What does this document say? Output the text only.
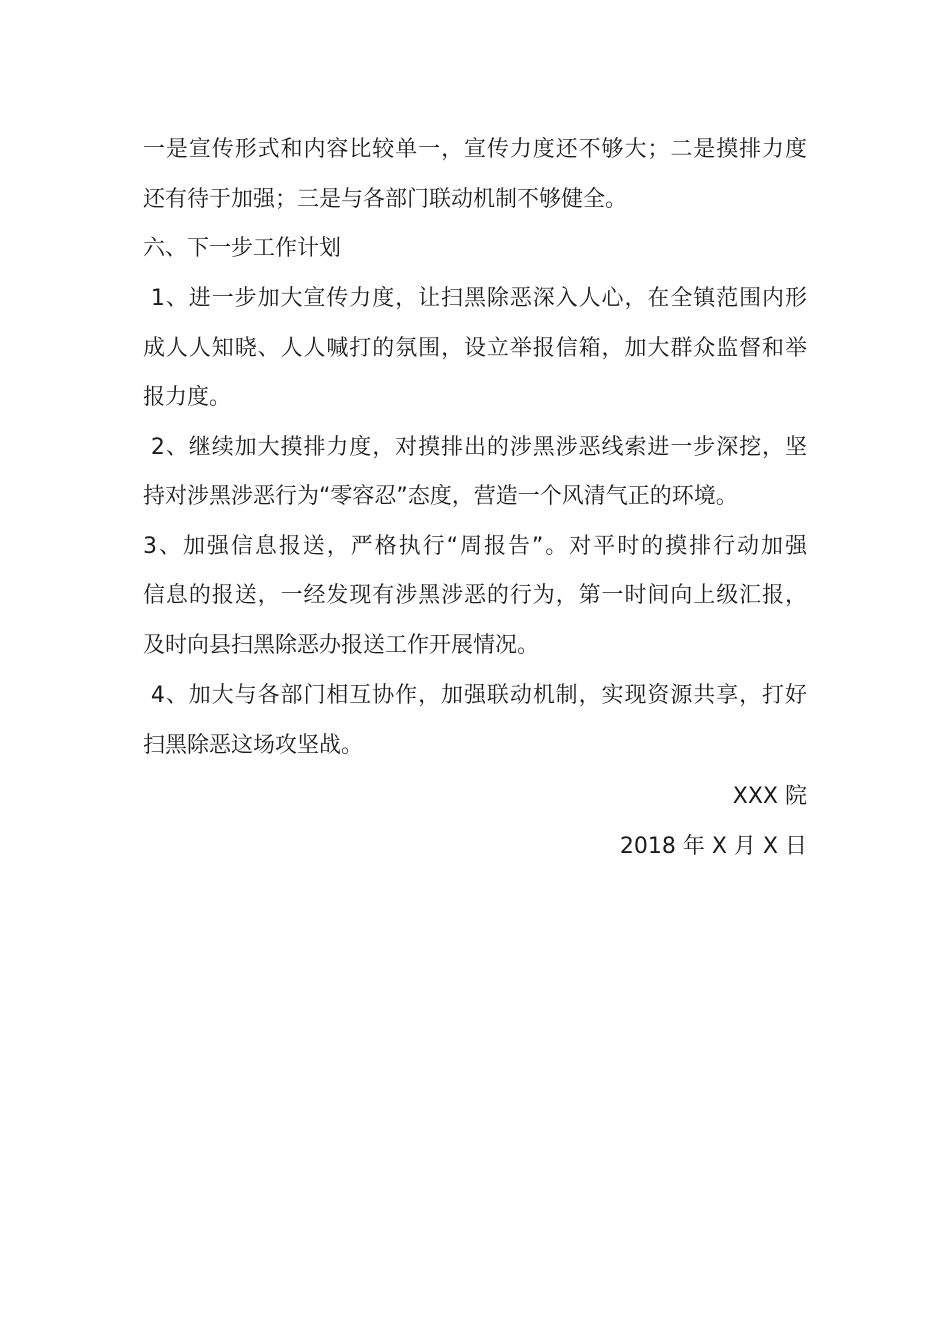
一是宣传形式和内容比较单一，宣传力度还不够大；二是摸排力度
还有待于加强；三是与各部门联动机制不够健全。
六、下一步工作计划
1、进一步加大宣传力度，让扫黑除恶深入人心，在全镇范围内形
成人人知晓、人人喊打的氛围，设立举报信箱，加大群众监督和举
报力度。
2、继续加大摸排力度，对摸排出的涉黑涉恶线索进一步深挖，坚
持对涉黑涉恶行为“零容忍”态度，营造一个风清气正的环境。
3、加强信息报送，严格执行“周报告”。对平时的摸排行动加强
信息的报送，一经发现有涉黑涉恶的行为，第一时间向上级汇报，
及时向县扫黑除恶办报送工作开展情况。
4、加大与各部门相互协作，加强联动机制，实现资源共享，打好
扫黑除恶这场攻坚战。
XXX 院
2018 年 X 月 X 日
